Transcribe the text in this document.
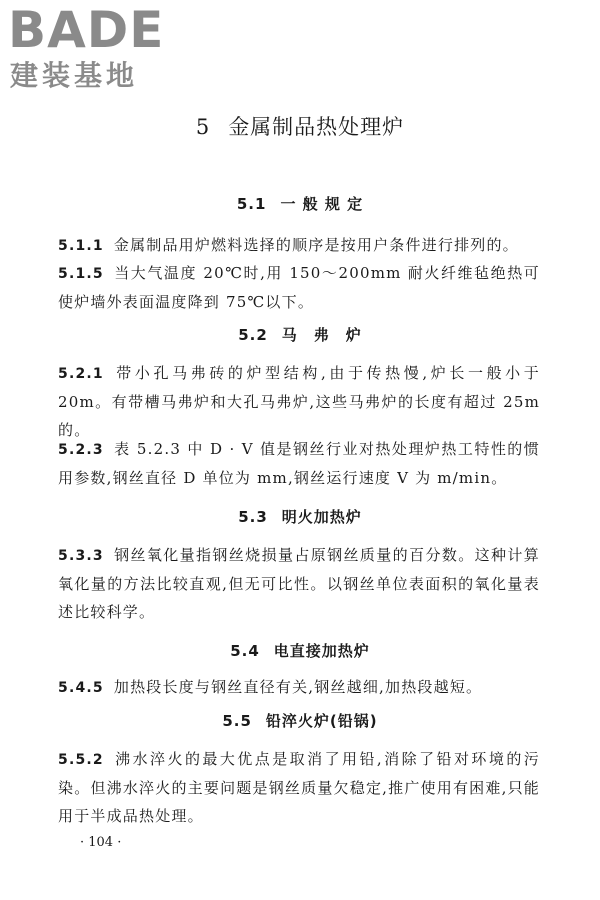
BADE
建装基地
5 金属制品热处理炉
5.1 一 般 规 定
5.1.1 金属制品用炉燃料选择的顺序是按用户条件进行排列的。
5.1.5 当大气温度 20℃时,用 150～200mm 耐火纤维毡绝热可使炉墙外表面温度降到 75℃以下。
5.2 马　弗　炉
5.2.1 带小孔马弗砖的炉型结构,由于传热慢,炉长一般小于 20m。有带槽马弗炉和大孔马弗炉,这些马弗炉的长度有超过 25m 的。
5.2.3 表 5.2.3 中 D · V 值是钢丝行业对热处理炉热工特性的惯用参数,钢丝直径 D 单位为 mm,钢丝运行速度 V 为 m/min。
5.3 明火加热炉
5.3.3 钢丝氧化量指钢丝烧损量占原钢丝质量的百分数。这种计算氧化量的方法比较直观,但无可比性。以钢丝单位表面积的氧化量表述比较科学。
5.4 电直接加热炉
5.4.5 加热段长度与钢丝直径有关,钢丝越细,加热段越短。
5.5 铅淬火炉(铅锅)
5.5.2 沸水淬火的最大优点是取消了用铅,消除了铅对环境的污染。但沸水淬火的主要问题是钢丝质量欠稳定,推广使用有困难,只能用于半成品热处理。
· 104 ·
